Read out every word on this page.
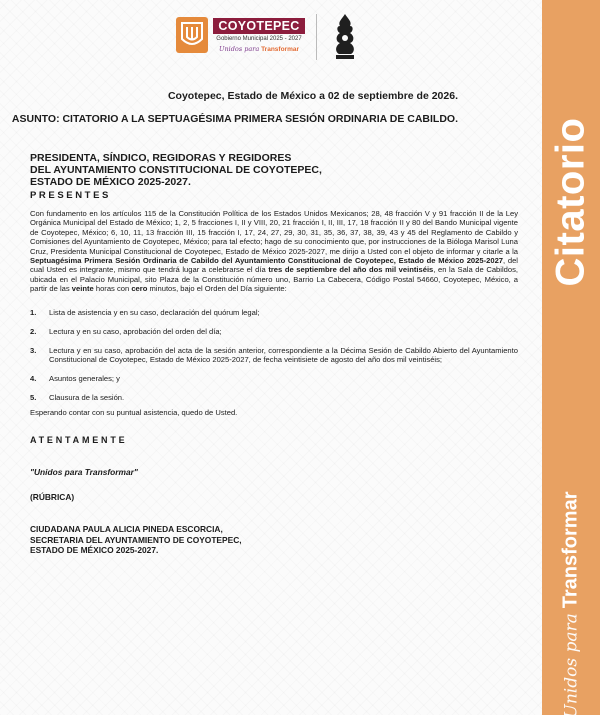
COYOTEPEC
Gobierno Municipal 2025 - 2027
Unidos para Transformar
Coyotepec, Estado de México a 02 de septiembre de 2026.
ASUNTO: CITATORIO A LA SEPTUAGÉSIMA PRIMERA SESIÓN ORDINARIA DE CABILDO.
PRESIDENTA, SÍNDICO, REGIDORAS Y REGIDORES
DEL AYUNTAMIENTO CONSTITUCIONAL DE COYOTEPEC,
ESTADO DE MÉXICO 2025-2027.
PRESENTES
Con fundamento en los artículos 115 de la Constitución Política de los Estados Unidos Mexicanos; 28, 48 fracción V y 91 fracción II de la Ley Orgánica Municipal del Estado de México; 1, 2, 5 fracciones I, II y VIII, 20, 21 fracción I, II, III, 17, 18 fracción II y 80 del Bando Municipal vigente de Coyotepec, México; 6, 10, 11, 13 fracción III, 15 fracción I, 17, 24, 27, 29, 30, 31, 35, 36, 37, 38, 39, 43 y 45 del Reglamento de Cabildo y Comisiones del Ayuntamiento de Coyotepec, México; para tal efecto; hago de su conocimiento que, por instrucciones de la Bióloga Marisol Luna Cruz, Presidenta Municipal Constitucional de Coyotepec, Estado de México 2025-2027, me dirijo a Usted con el objeto de informar y citarle a la Septuagésima Primera Sesión Ordinaria de Cabildo del Ayuntamiento Constitucional de Coyotepec, Estado de México 2025-2027, del cual Usted es integrante, mismo que tendrá lugar a celebrarse el día tres de septiembre del año dos mil veintiséis, en la Sala de Cabildos, ubicada en el Palacio Municipal, sito Plaza de la Constitución número uno, Barrio La Cabecera, Código Postal 54660, Coyotepec, México, a partir de las veinte horas con cero minutos, bajo el Orden del Día siguiente:
1. Lista de asistencia y en su caso, declaración del quórum legal;
2. Lectura y en su caso, aprobación del orden del día;
3. Lectura y en su caso, aprobación del acta de la sesión anterior, correspondiente a la Décima Sesión de Cabildo Abierto del Ayuntamiento Constitucional de Coyotepec, Estado de México 2025-2027, de fecha veintisiete de agosto del año dos mil veintiséis;
4. Asuntos generales; y
5. Clausura de la sesión.
Esperando contar con su puntual asistencia, quedo de Usted.
ATENTAMENTE
"Unidos para Transformar"
(RÚBRICA)
CIUDADANA PAULA ALICIA PINEDA ESCORCIA,
SECRETARIA DEL AYUNTAMIENTO DE COYOTEPEC,
ESTADO DE MÉXICO 2025-2027.
Citatorio
Unidos paraTransformar
